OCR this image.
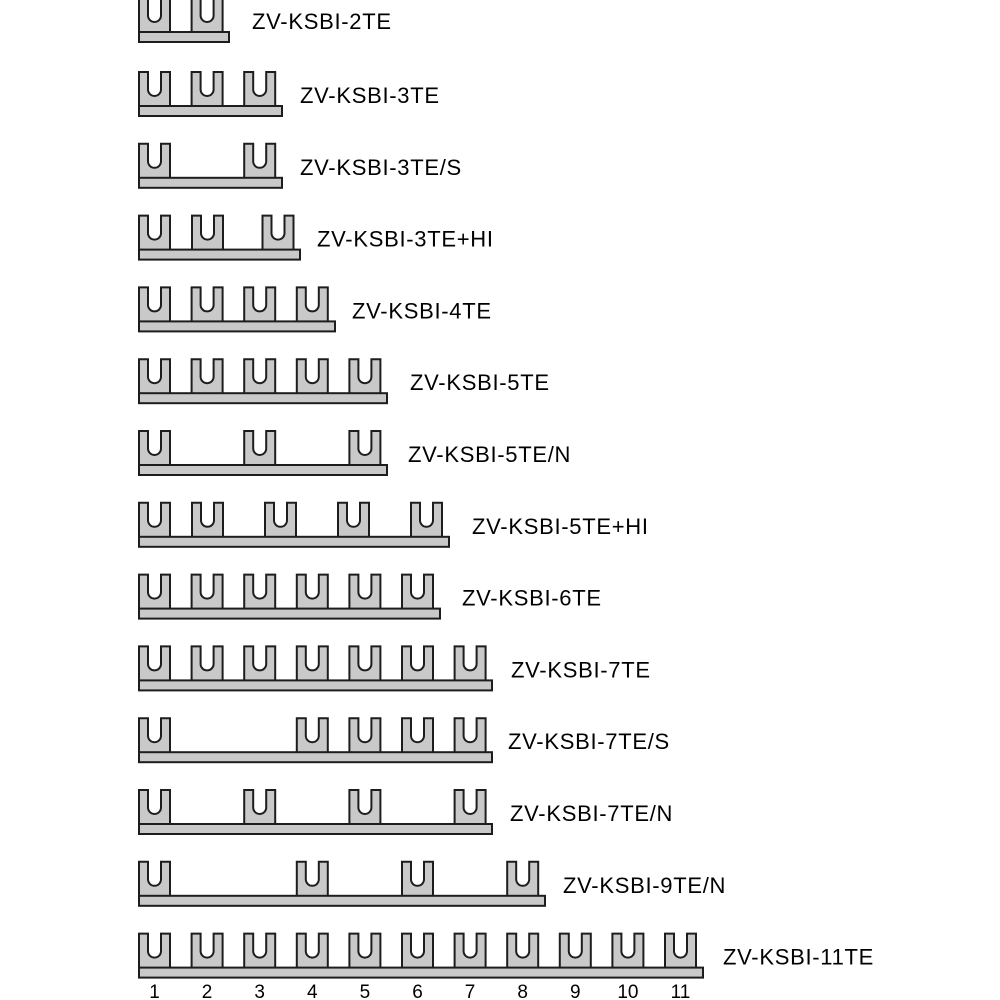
ZV-KSBI-2TE
ZV-KSBI-3TE
ZV-KSBI-3TE/S
ZV-KSBI-3TE+HI
ZV-KSBI-4TE
ZV-KSBI-5TE
ZV-KSBI-5TE/N
ZV-KSBI-5TE+HI
ZV-KSBI-6TE
ZV-KSBI-7TE
ZV-KSBI-7TE/S
ZV-KSBI-7TE/N
ZV-KSBI-9TE/N
ZV-KSBI-11TE
1 2 3 4 5 6 7 8 9 10 11
